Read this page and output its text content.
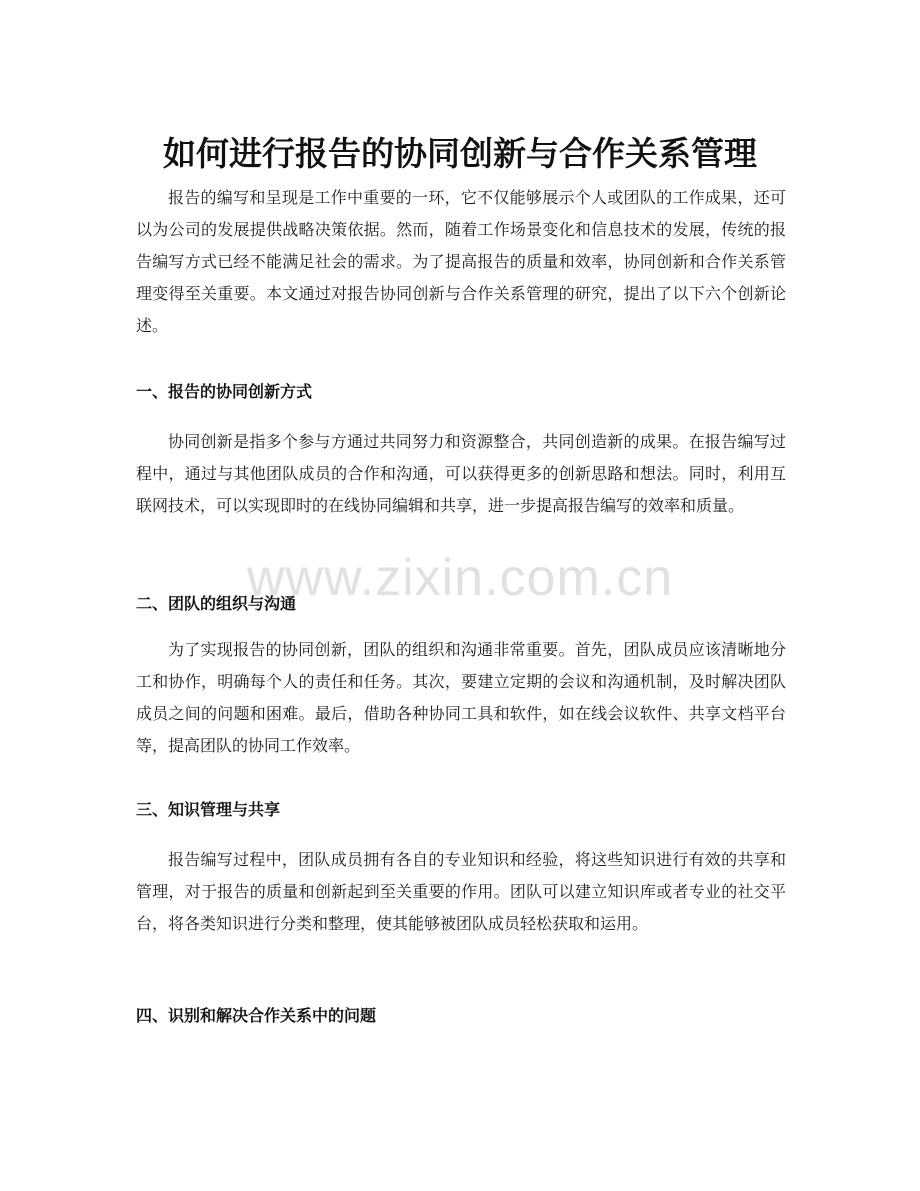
如何进行报告的协同创新与合作关系管理

报告的编写和呈现是工作中重要的一环，它不仅能够展示个人或团队的工作成果，还可以为公司的发展提供战略决策依据。然而，随着工作场景变化和信息技术的发展，传统的报告编写方式已经不能满足社会的需求。为了提高报告的质量和效率，协同创新和合作关系管理变得至关重要。本文通过对报告协同创新与合作关系管理的研究，提出了以下六个创新论述。

一、报告的协同创新方式

协同创新是指多个参与方通过共同努力和资源整合，共同创造新的成果。在报告编写过程中，通过与其他团队成员的合作和沟通，可以获得更多的创新思路和想法。同时，利用互联网技术，可以实现即时的在线协同编辑和共享，进一步提高报告编写的效率和质量。

二、团队的组织与沟通

为了实现报告的协同创新，团队的组织和沟通非常重要。首先，团队成员应该清晰地分工和协作，明确每个人的责任和任务。其次，要建立定期的会议和沟通机制，及时解决团队成员之间的问题和困难。最后，借助各种协同工具和软件，如在线会议软件、共享文档平台等，提高团队的协同工作效率。

三、知识管理与共享

报告编写过程中，团队成员拥有各自的专业知识和经验，将这些知识进行有效的共享和管理，对于报告的质量和创新起到至关重要的作用。团队可以建立知识库或者专业的社交平台，将各类知识进行分类和整理，使其能够被团队成员轻松获取和运用。

四、识别和解决合作关系中的问题
www.zixin.com.cn
